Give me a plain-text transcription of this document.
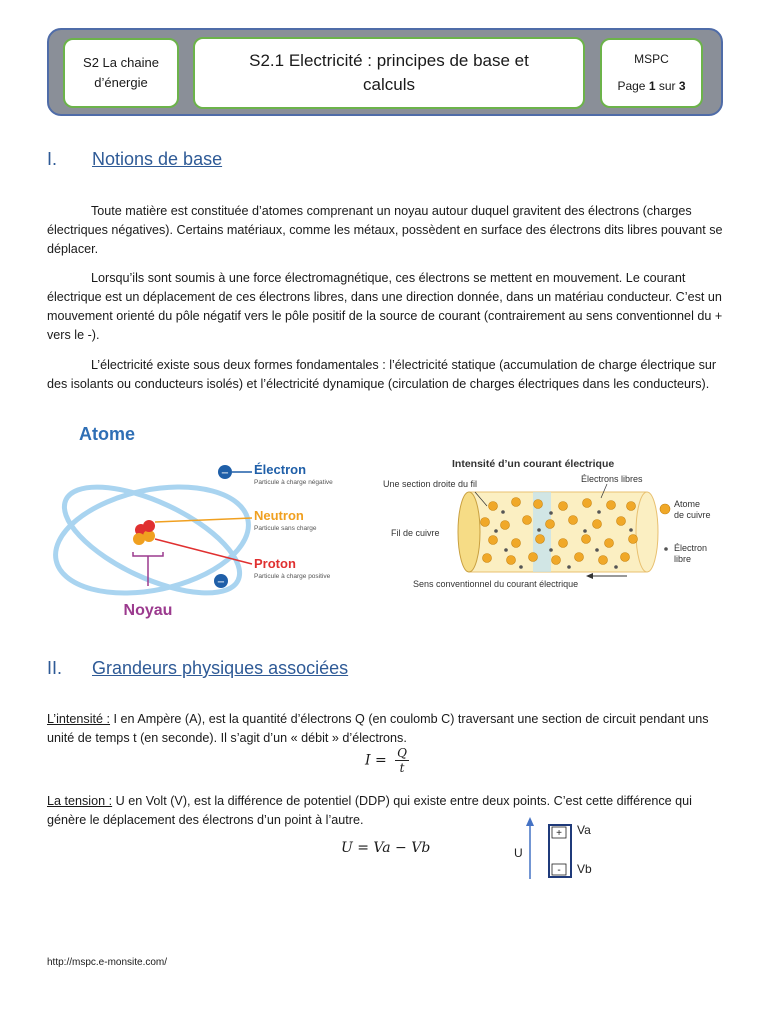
S2 La chaine
d’énergie
S2.1 Electricité : principes de base et
calculs
MSPC
Page 1 sur 3
I. Notions de base
Toute matière est constituée d’atomes comprenant un noyau autour duquel gravitent des électrons (charges électriques négatives). Certains matériaux, comme les métaux, possèdent en surface des électrons dits libres pouvant se déplacer.
Lorsqu’ils sont soumis à une force électromagnétique, ces électrons se mettent en mouvement. Le courant électrique est un déplacement de ces électrons libres, dans une direction donnée, dans un matériau conducteur. C’est un mouvement orienté du pôle négatif vers le pôle positif de la source de courant (contrairement au sens conventionnel du + vers le -).
L’électricité existe sous deux formes fondamentales : l’électricité statique (accumulation de charge électrique sur des isolants ou conducteurs isolés) et l’électricité dynamique (circulation de charges électriques dans les conducteurs).
Atome
−
−
Électron
Particule à charge négative
Neutron
Particule sans charge
Proton
Particule à charge positive
Noyau
Intensité d’un courant électrique
Une section droite du fil	Électrons libres
Fil de cuivre
Atome
de cuivre
Électron
libre
Sens conventionnel du courant électrique
II. Grandeurs physiques associées
L’intensité : I en Ampère (A), est la quantité d’électrons Q (en coulomb C) traversant une section de circuit pendant uns unité de temps t (en seconde). Il s’agit d’un « débit » d’électrons.
$I = \frac{Q}{t}$
La tension : U en Volt (V), est la différence de potentiel (DDP) qui existe entre deux points. C’est cette différence qui génère le déplacement des électrons d’un point à l’autre.
U = Va − Vb	U
+
-
Va
Vb
http://mspc.e-monsite.com/
